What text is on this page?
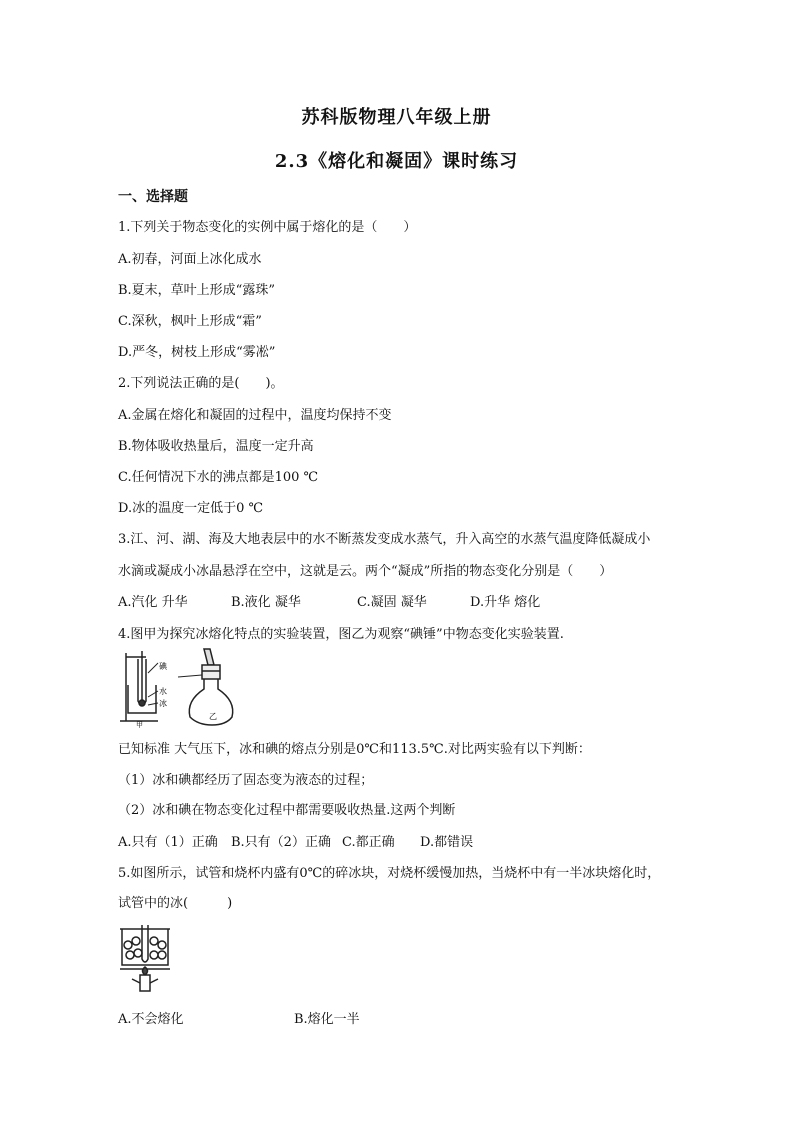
苏科版物理八年级上册
2.3《熔化和凝固》课时练习
一、选择题
1.下列关于物态变化的实例中属于熔化的是（　　）
A.初春，河面上冰化成水
B.夏末，草叶上形成“露珠”
C.深秋，枫叶上形成“霜”
D.严冬，树枝上形成“雾凇”
2.下列说法正确的是(　　)。
A.金属在熔化和凝固的过程中，温度均保持不变
B.物体吸收热量后，温度一定升高
C.任何情况下水的沸点都是100 ℃
D.冰的温度一定低于0 ℃
3.江、河、湖、海及大地表层中的水不断蒸发变成水蒸气，升入高空的水蒸气温度降低凝成小
水滴或凝成小冰晶悬浮在空中，这就是云。两个“凝成”所指的物态变化分别是（　　）
A.汽化 升华	B.液化 凝华	C.凝固 凝华	D.升华 熔化
4.图甲为探究冰熔化特点的实验装置，图乙为观察“碘锤”中物态变化实验装置.
碘
水
冰
甲
乙
已知标准 大气压下，冰和碘的熔点分别是0℃和113.5℃.对比两实验有以下判断：
（1）冰和碘都经历了固态变为液态的过程；
（2）冰和碘在物态变化过程中都需要吸收热量.这两个判断
A.只有（1）正确 B.只有（2）正确 C.都正确 D.都错误
5.如图所示，试管和烧杯内盛有0℃的碎冰块，对烧杯缓慢加热，当烧杯中有一半冰块熔化时，
试管中的冰(　　　)
A.不会熔化	B.熔化一半
